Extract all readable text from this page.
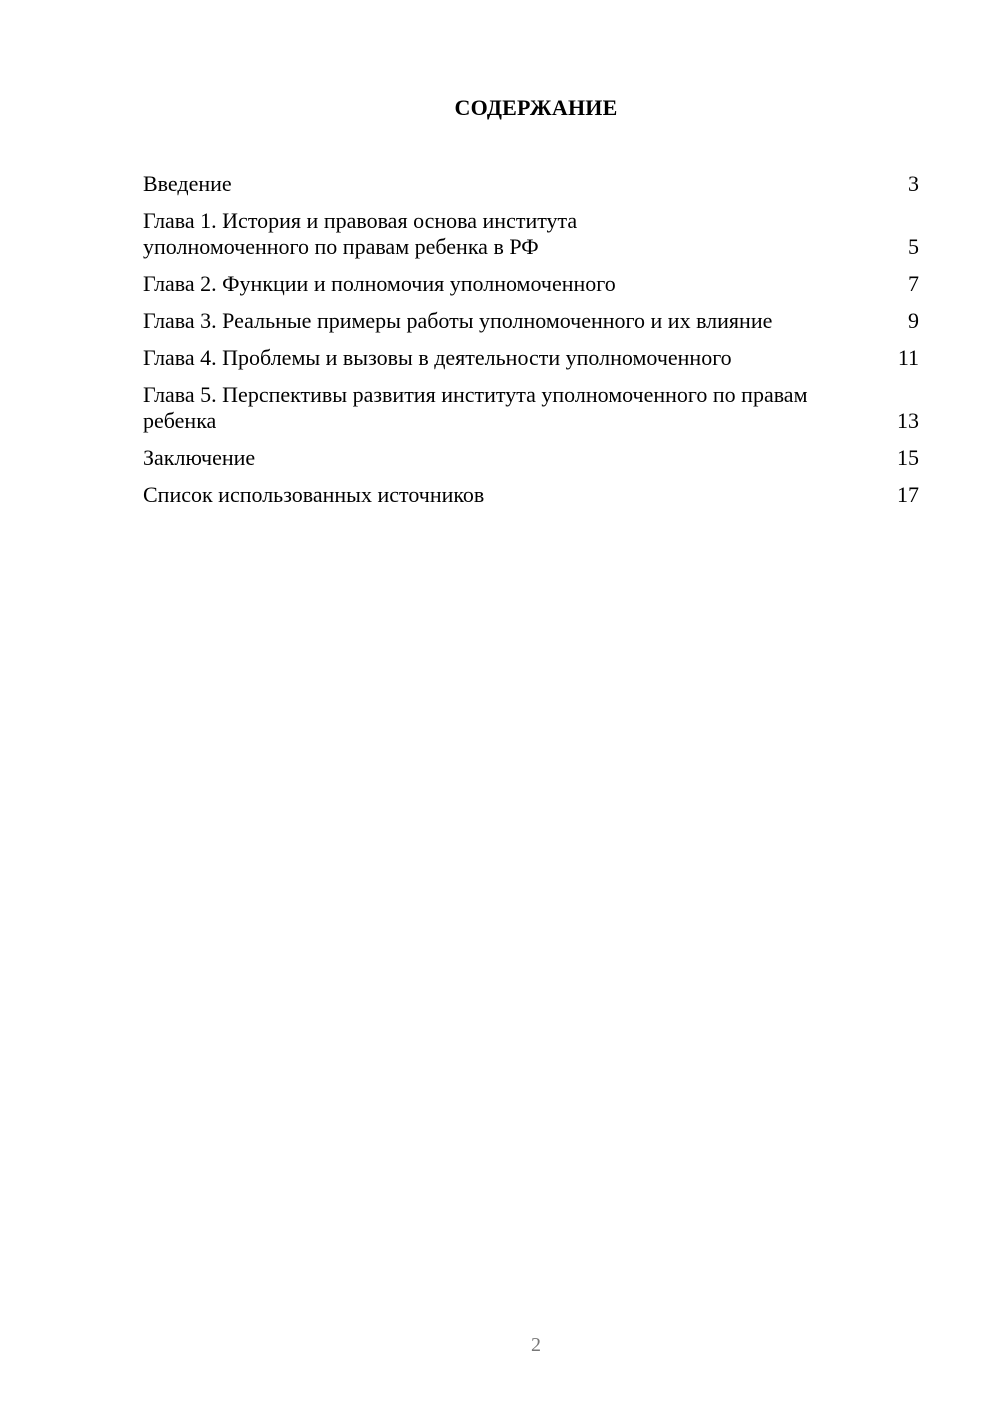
СОДЕРЖАНИЕ
Введение	3
Глава 1. История и правовая основа института уполномоченного по правам ребенка в РФ	5
Глава 2. Функции и полномочия уполномоченного	7
Глава 3. Реальные примеры работы уполномоченного и их влияние	9
Глава 4. Проблемы и вызовы в деятельности уполномоченного	11
Глава 5. Перспективы развития института уполномоченного по правам ребенка	13
Заключение	15
Список использованных источников	17
2
